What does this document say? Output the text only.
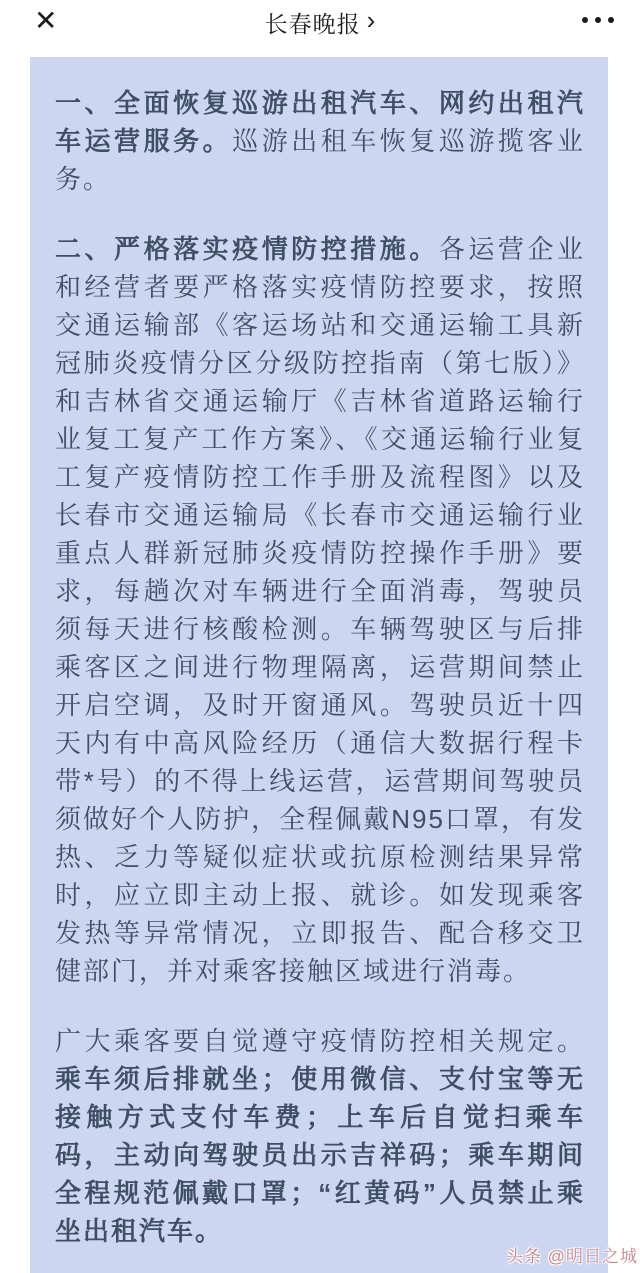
✕	长春晚报 ›

一、全面恢复巡游出租汽车、网约出租汽车运营服务。巡游出租车恢复巡游揽客业务。

二、严格落实疫情防控措施。各运营企业和经营者要严格落实疫情防控要求，按照交通运输部《客运场站和交通运输工具新冠肺炎疫情分区分级防控指南（第七版）》和吉林省交通运输厅《吉林省道路运输行业复工复产工作方案》、《交通运输行业复工复产疫情防控工作手册及流程图》以及长春市交通运输局《长春市交通运输行业重点人群新冠肺炎疫情防控操作手册》要求，每趟次对车辆进行全面消毒，驾驶员须每天进行核酸检测。车辆驾驶区与后排乘客区之间进行物理隔离，运营期间禁止开启空调，及时开窗通风。驾驶员近十四天内有中高风险经历（通信大数据行程卡带*号）的不得上线运营，运营期间驾驶员须做好个人防护，全程佩戴N95口罩，有发热、乏力等疑似症状或抗原检测结果异常时，应立即主动上报、就诊。如发现乘客发热等异常情况，立即报告、配合移交卫健部门，并对乘客接触区域进行消毒。

广大乘客要自觉遵守疫情防控相关规定。乘车须后排就坐；使用微信、支付宝等无接触方式支付车费；上车后自觉扫乘车码，主动向驾驶员出示吉祥码；乘车期间全程规范佩戴口罩；“红黄码”人员禁止乘坐出租汽车。

头条 @明日之城
